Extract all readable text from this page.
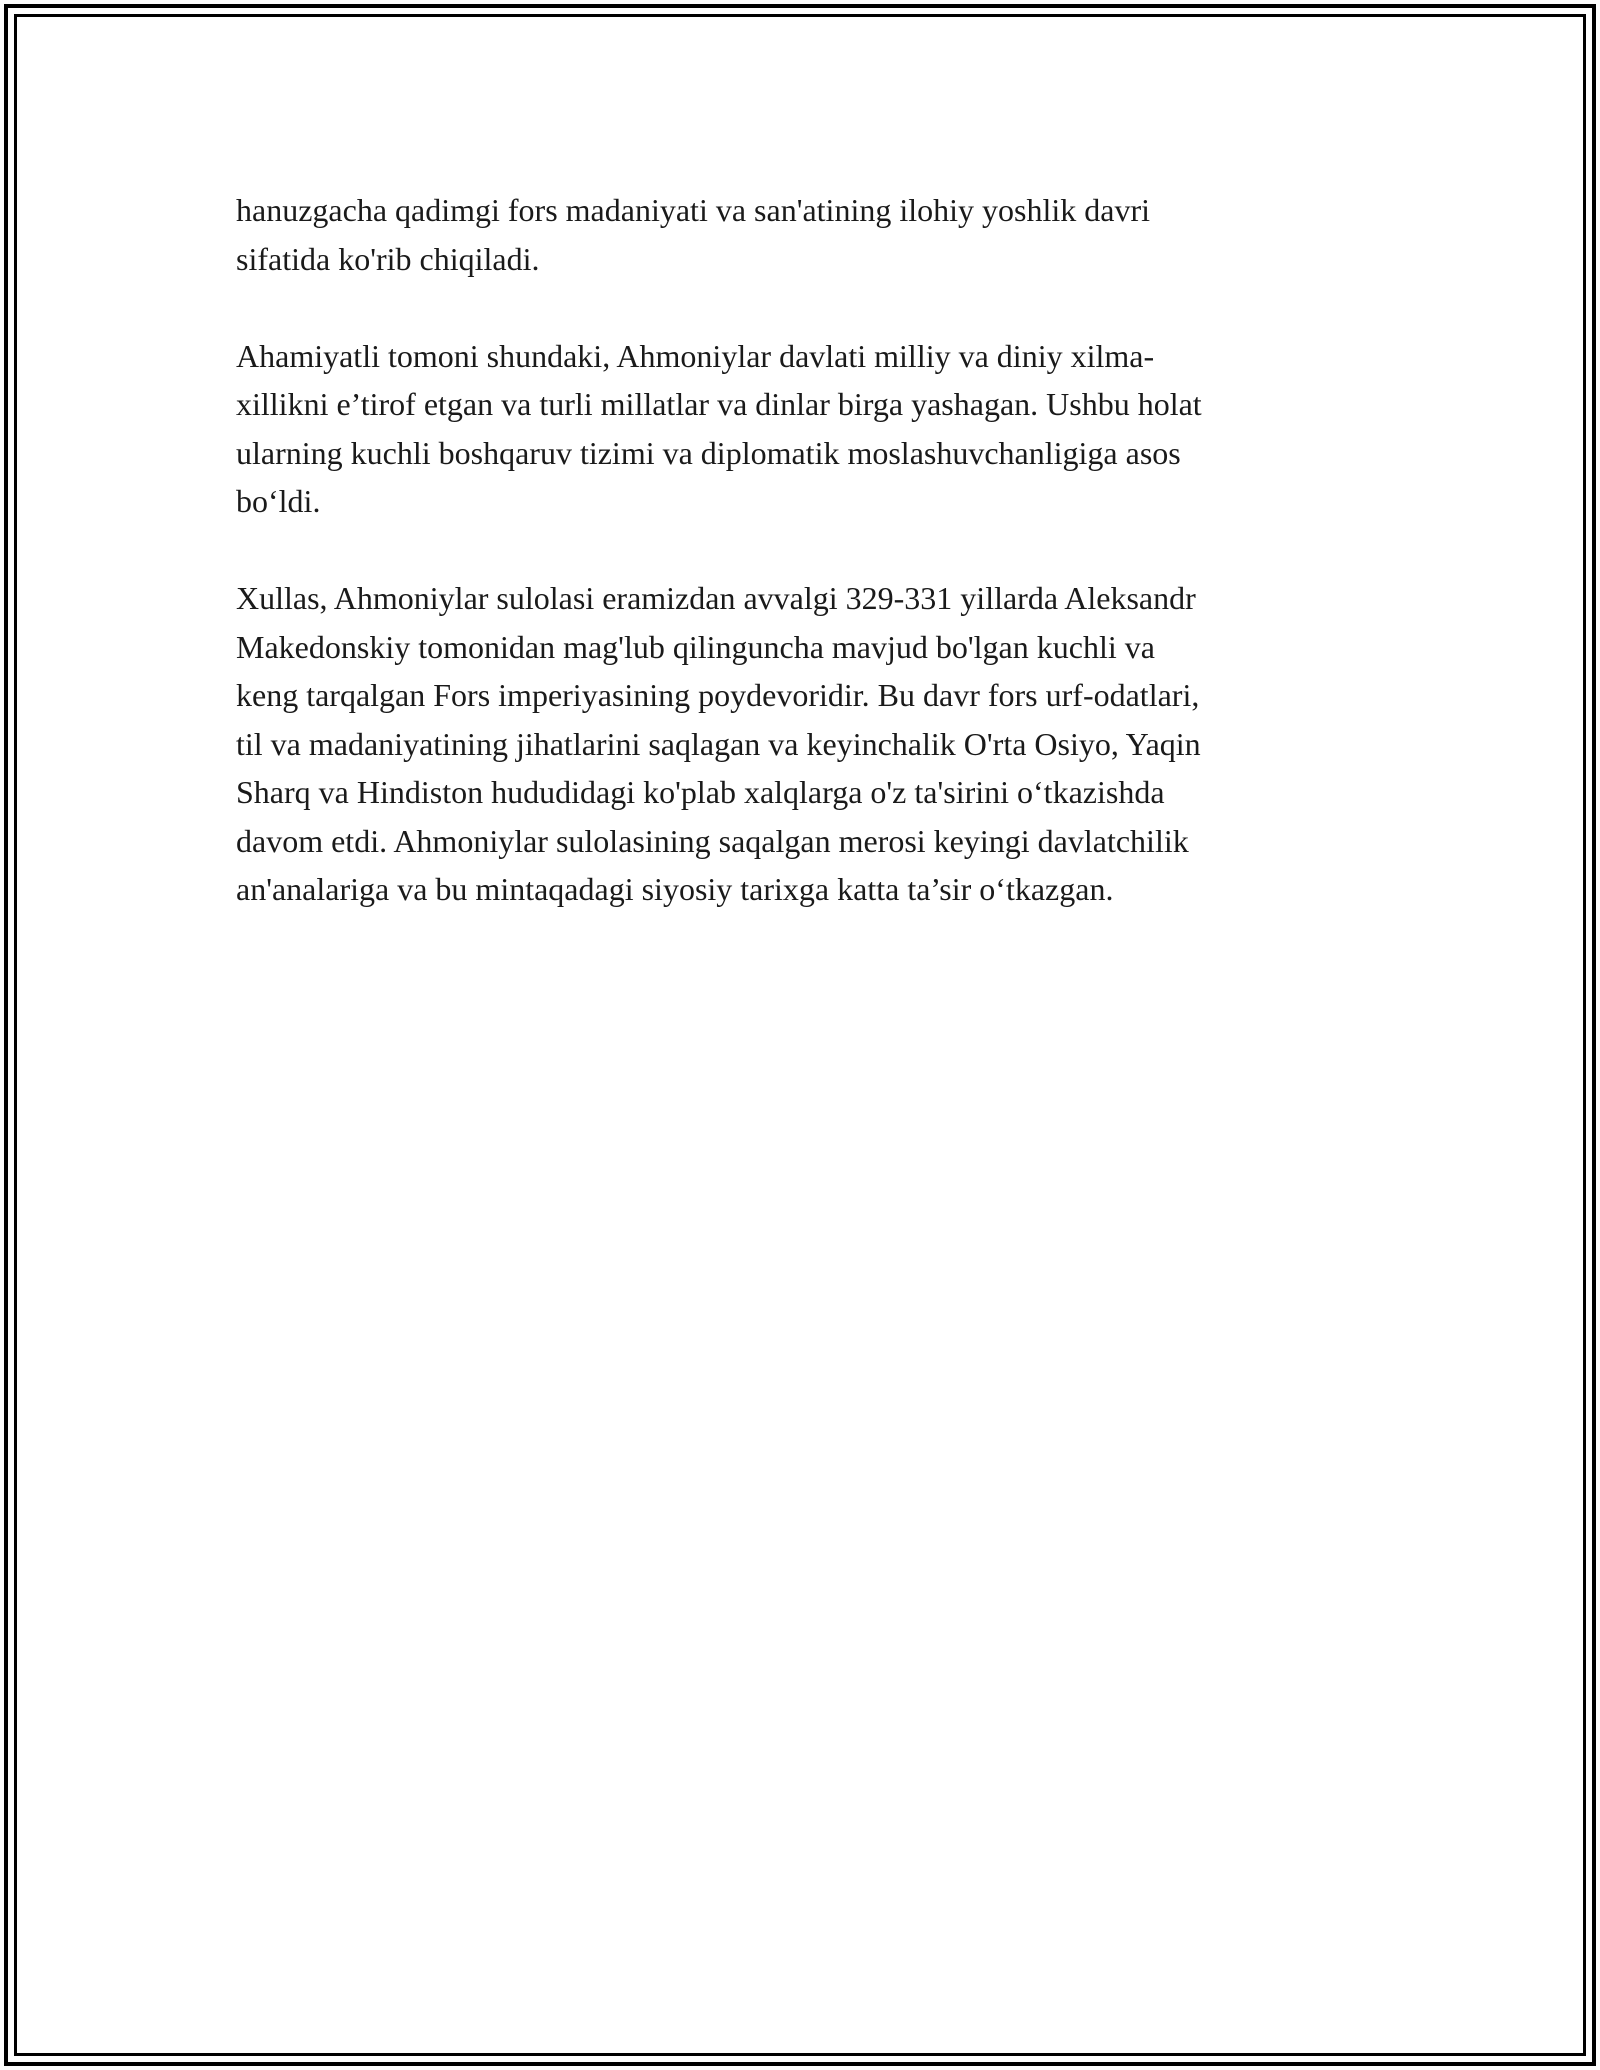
hanuzgacha qadimgi fors madaniyati va san'atining ilohiy yoshlik davri
sifatida ko'rib chiqiladi.

Ahamiyatli tomoni shundaki, Ahmoniylar davlati milliy va diniy xilma-
xillikni e’tirof etgan va turli millatlar va dinlar birga yashagan. Ushbu holat
ularning kuchli boshqaruv tizimi va diplomatik moslashuvchanligiga asos
bo‘ldi.

Xullas, Ahmoniylar sulolasi eramizdan avvalgi 329-331 yillarda Aleksandr
Makedonskiy tomonidan mag'lub qilinguncha mavjud bo'lgan kuchli va
keng tarqalgan Fors imperiyasining poydevoridir. Bu davr fors urf-odatlari,
til va madaniyatining jihatlarini saqlagan va keyinchalik O'rta Osiyo, Yaqin
Sharq va Hindiston hududidagi ko'plab xalqlarga o'z ta'sirini o‘tkazishda
davom etdi. Ahmoniylar sulolasining saqalgan merosi keyingi davlatchilik
an'analariga va bu mintaqadagi siyosiy tarixga katta ta’sir o‘tkazgan.
